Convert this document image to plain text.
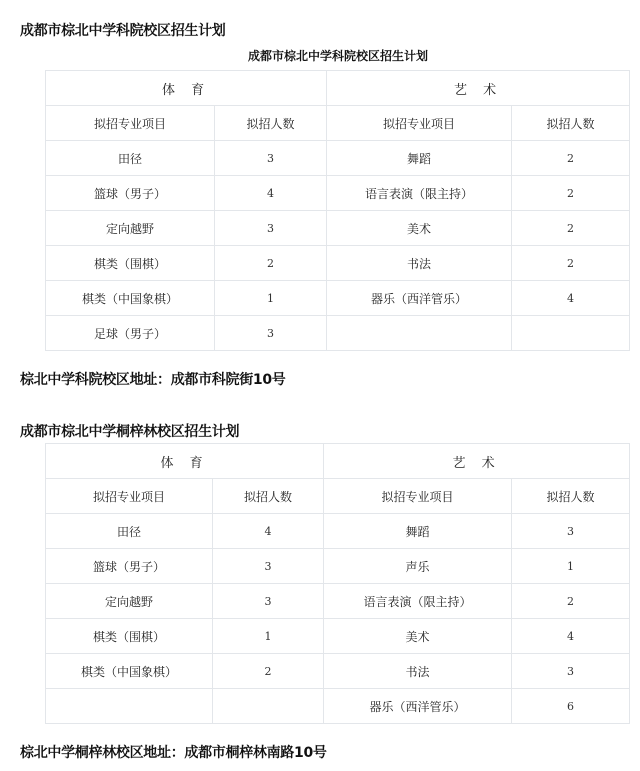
成都市棕北中学科院校区招生计划
成都市棕北中学科院校区招生计划
体 育		艺 术	
拟招专业项目	拟招人数	拟招专业项目	拟招人数
田径	3	舞蹈	2
篮球（男子）	4	语言表演（限主持）	2
定向越野	3	美术	2
棋类（围棋）	2	书法	2
棋类（中国象棋）	1	器乐（西洋管乐）	4
足球（男子）	3		
棕北中学科院校区地址：成都市科院街10号
成都市棕北中学桐梓林校区招生计划
体 育		艺 术	
拟招专业项目	拟招人数	拟招专业项目	拟招人数
田径	4	舞蹈	3
篮球（男子）	3	声乐	1
定向越野	3	语言表演（限主持）	2
棋类（围棋）	1	美术	4
棋类（中国象棋）	2	书法	3
		器乐（西洋管乐）	6
棕北中学桐梓林校区地址：成都市桐梓林南路10号
